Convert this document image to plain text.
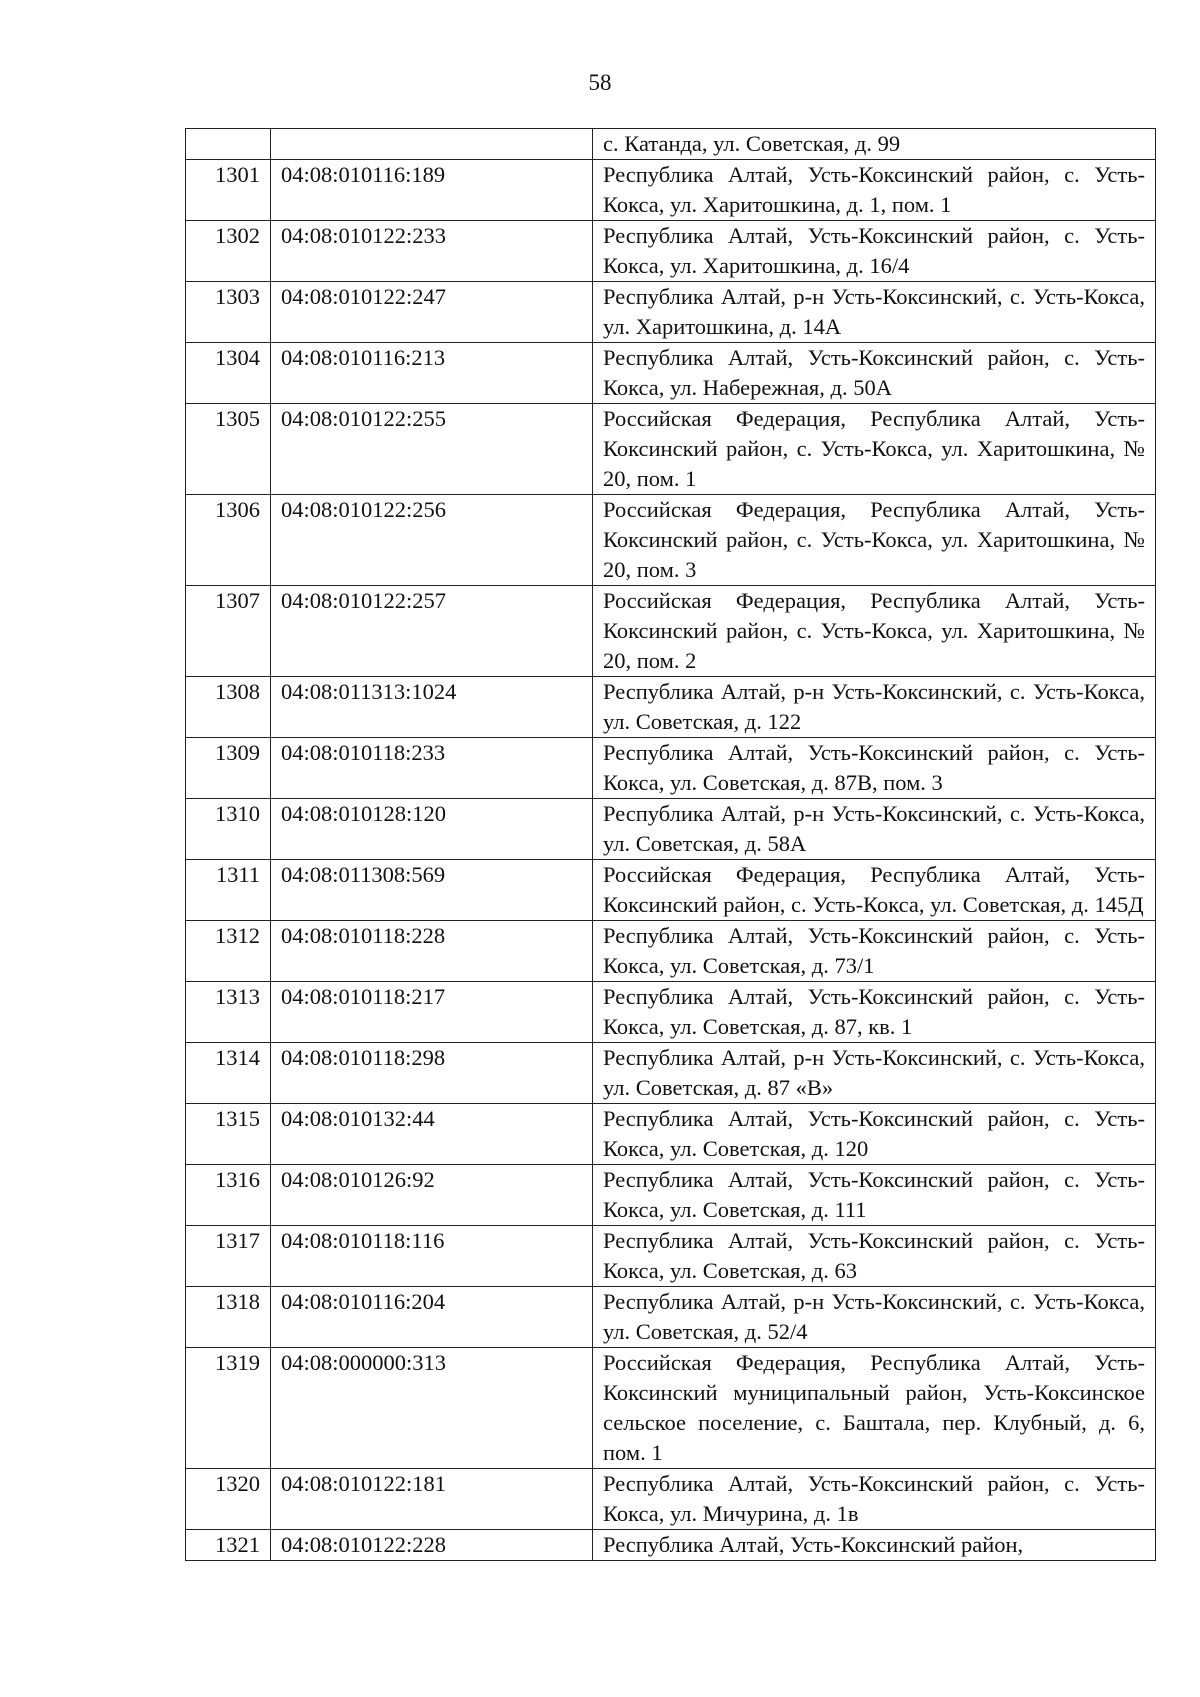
58
		с. Катанда, ул. Советская, д. 99
1301	04:08:010116:189	Республика Алтай, Усть-Коксинский район, с. Усть-Кокса, ул. Харитошкина, д. 1, пом. 1
1302	04:08:010122:233	Республика Алтай, Усть-Коксинский район, с. Усть-Кокса, ул. Харитошкина, д. 16/4
1303	04:08:010122:247	Республика Алтай, р-н Усть-Коксинский, с. Усть-Кокса, ул. Харитошкина, д. 14А
1304	04:08:010116:213	Республика Алтай, Усть-Коксинский район, с. Усть-Кокса, ул. Набережная, д. 50А
1305	04:08:010122:255	Российская Федерация, Республика Алтай, Усть-Коксинский район, с. Усть-Кокса, ул. Харитошкина, № 20, пом. 1
1306	04:08:010122:256	Российская Федерация, Республика Алтай, Усть-Коксинский район, с. Усть-Кокса, ул. Харитошкина, № 20, пом. 3
1307	04:08:010122:257	Российская Федерация, Республика Алтай, Усть-Коксинский район, с. Усть-Кокса, ул. Харитошкина, № 20, пом. 2
1308	04:08:011313:1024	Республика Алтай, р-н Усть-Коксинский, с. Усть-Кокса, ул. Советская, д. 122
1309	04:08:010118:233	Республика Алтай, Усть-Коксинский район, с. Усть-Кокса, ул. Советская, д. 87В, пом. 3
1310	04:08:010128:120	Республика Алтай, р-н Усть-Коксинский, с. Усть-Кокса, ул. Советская, д. 58А
1311	04:08:011308:569	Российская Федерация, Республика Алтай, Усть-Коксинский район, с. Усть-Кокса, ул. Советская, д. 145Д
1312	04:08:010118:228	Республика Алтай, Усть-Коксинский район, с. Усть-Кокса, ул. Советская, д. 73/1
1313	04:08:010118:217	Республика Алтай, Усть-Коксинский район, с. Усть-Кокса, ул. Советская, д. 87, кв. 1
1314	04:08:010118:298	Республика Алтай, р-н Усть-Коксинский, с. Усть-Кокса, ул. Советская, д. 87 «В»
1315	04:08:010132:44	Республика Алтай, Усть-Коксинский район, с. Усть-Кокса, ул. Советская, д. 120
1316	04:08:010126:92	Республика Алтай, Усть-Коксинский район, с. Усть-Кокса, ул. Советская, д. 111
1317	04:08:010118:116	Республика Алтай, Усть-Коксинский район, с. Усть-Кокса, ул. Советская, д. 63
1318	04:08:010116:204	Республика Алтай, р-н Усть-Коксинский, с. Усть-Кокса, ул. Советская, д. 52/4
1319	04:08:000000:313	Российская Федерация, Республика Алтай, Усть-Коксинский муниципальный район, Усть-Коксинское сельское поселение, с. Баштала, пер. Клубный, д. 6, пом. 1
1320	04:08:010122:181	Республика Алтай, Усть-Коксинский район, с. Усть-Кокса, ул. Мичурина, д. 1в
1321	04:08:010122:228	Республика Алтай, Усть-Коксинский район,
